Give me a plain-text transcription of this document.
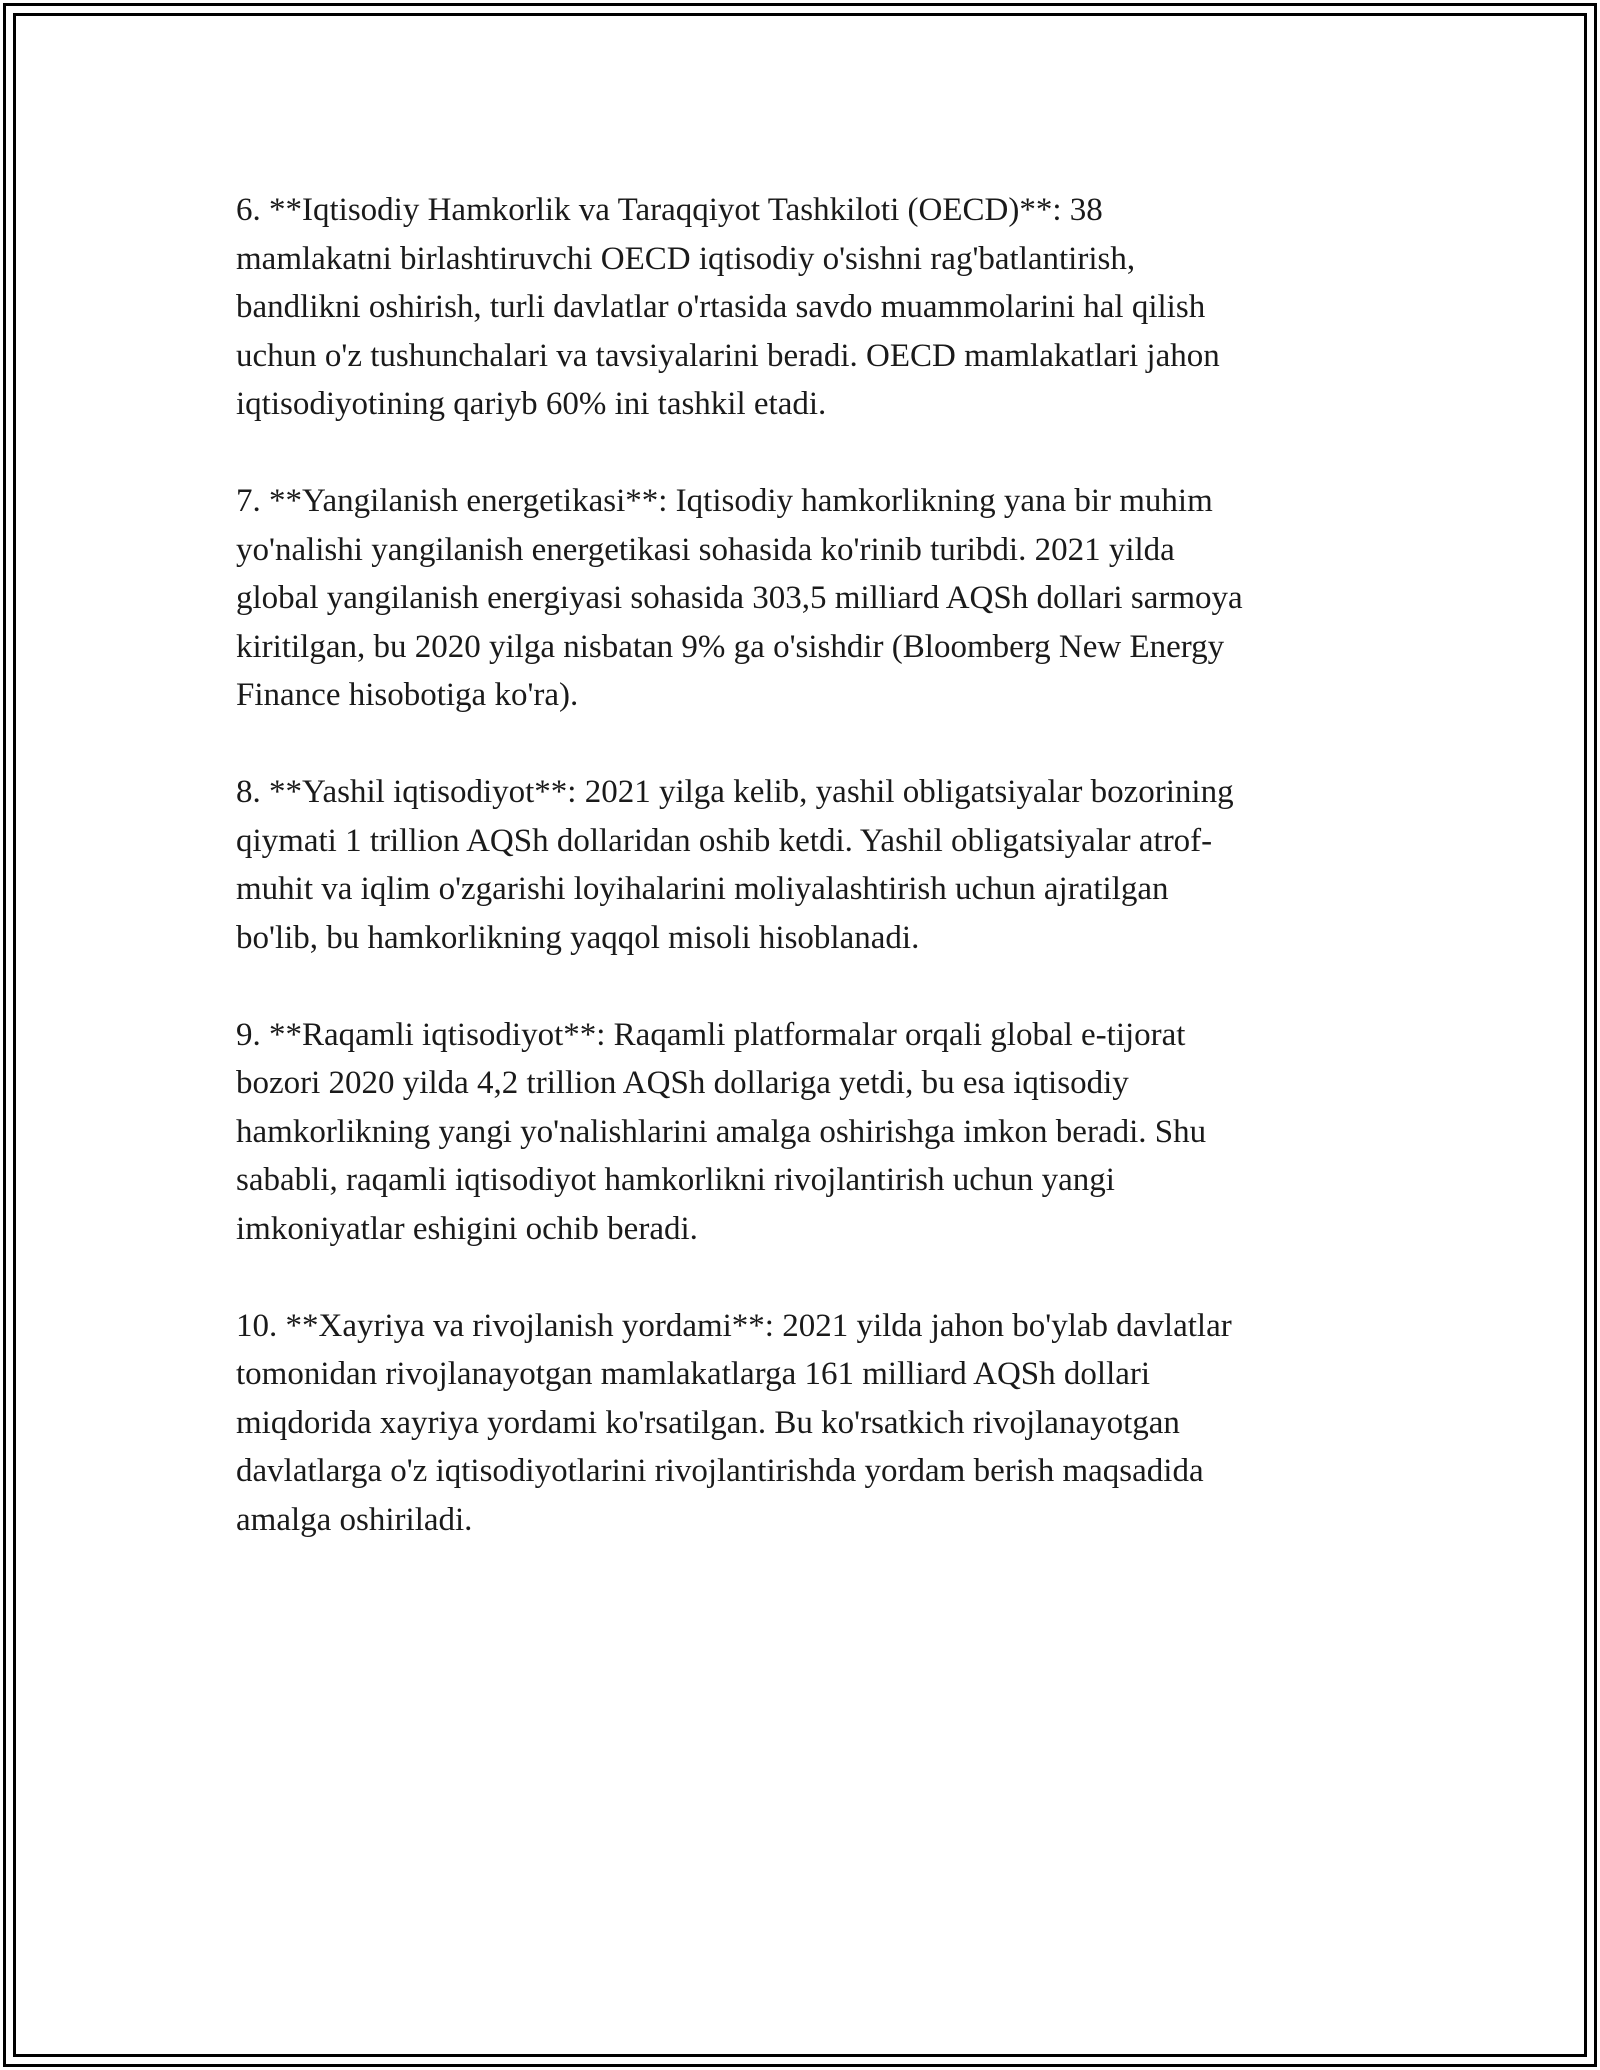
6. **Iqtisodiy Hamkorlik va Taraqqiyot Tashkiloti (OECD)**: 38
mamlakatni birlashtiruvchi OECD iqtisodiy o'sishni rag'batlantirish,
bandlikni oshirish, turli davlatlar o'rtasida savdo muammolarini hal qilish
uchun o'z tushunchalari va tavsiyalarini beradi. OECD mamlakatlari jahon
iqtisodiyotining qariyb 60% ini tashkil etadi.

7. **Yangilanish energetikasi**: Iqtisodiy hamkorlikning yana bir muhim
yo'nalishi yangilanish energetikasi sohasida ko'rinib turibdi. 2021 yilda
global yangilanish energiyasi sohasida 303,5 milliard AQSh dollari sarmoya
kiritilgan, bu 2020 yilga nisbatan 9% ga o'sishdir (Bloomberg New Energy
Finance hisobotiga ko'ra).

8. **Yashil iqtisodiyot**: 2021 yilga kelib, yashil obligatsiyalar bozorining
qiymati 1 trillion AQSh dollaridan oshib ketdi. Yashil obligatsiyalar atrof-
muhit va iqlim o'zgarishi loyihalarini moliyalashtirish uchun ajratilgan
bo'lib, bu hamkorlikning yaqqol misoli hisoblanadi.

9. **Raqamli iqtisodiyot**: Raqamli platformalar orqali global e-tijorat
bozori 2020 yilda 4,2 trillion AQSh dollariga yetdi, bu esa iqtisodiy
hamkorlikning yangi yo'nalishlarini amalga oshirishga imkon beradi. Shu
sababli, raqamli iqtisodiyot hamkorlikni rivojlantirish uchun yangi
imkoniyatlar eshigini ochib beradi.

10. **Xayriya va rivojlanish yordami**: 2021 yilda jahon bo'ylab davlatlar
tomonidan rivojlanayotgan mamlakatlarga 161 milliard AQSh dollari
miqdorida xayriya yordami ko'rsatilgan. Bu ko'rsatkich rivojlanayotgan
davlatlarga o'z iqtisodiyotlarini rivojlantirishda yordam berish maqsadida
amalga oshiriladi.
